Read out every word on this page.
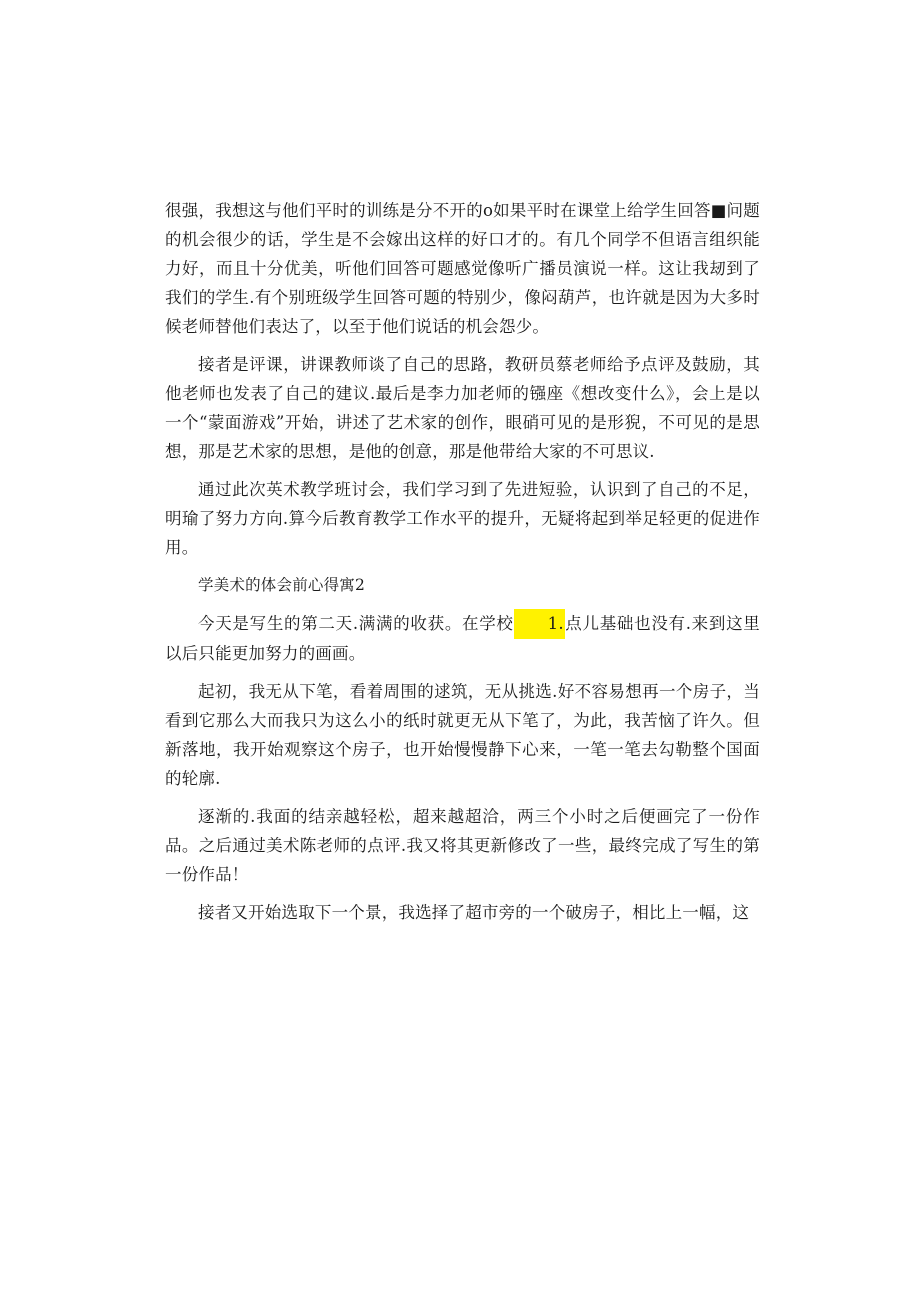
很强，我想这与他们平时的训练是分不开的o如果平时在课堂上给学生回答■问题的机会很少的话，学生是不会嫁出这样的好口才的。有几个同学不但语言组织能力好，而且十分优美，听他们回答可题感觉像听广播员演说一样。这让我刼到了我们的学生.有个别班级学生回答可题的特别少，像闷葫芦，也许就是因为大多时候老师替他们表达了，以至于他们说话的机会怨少。

接者是评课，讲课教师谈了自己的思路，教研员蔡老师给予点评及鼓励，其他老师也发表了自己的建议.最后是李力加老师的镪座《想改变什么》，会上是以一个“蒙面游戏”开始，讲述了艺术家的创作，眼硝可见的是形猊，不可见的是思想，那是艺术家的思想，是他的创意，那是他带给大家的不可思议.

通过此次英术教学班讨会，我们学习到了先进短验，认识到了自己的不足，明瑜了努力方向.算今后教育教学工作水平的提升，无疑将起到举足轻更的促进作用。

学美术的体会前心得寓2

今天是写生的第二天.满满的收获。在学校 1.点儿基础也没有.来到这里以后只能更加努力的画画。

起初，我无从下笔，看着周围的逑筑，无从挑选.好不容易想再一个房子，当看到它那么大而我只为这么小的纸时就更无从下笔了，为此，我苦恼了许久。但新落地，我开始观察这个房子，也开始慢慢静下心来，一笔一笔去勾勒整个国面的轮廓.

逐渐的.我面的结亲越轻松，超来越超洽，两三个小时之后便画完了一份作品。之后通过美术陈老师的点评.我又将其更新修改了一些，最终完成了写生的第一份作品！

接者又开始选取下一个景，我选择了超市旁的一个破房子，相比上一幅，这
